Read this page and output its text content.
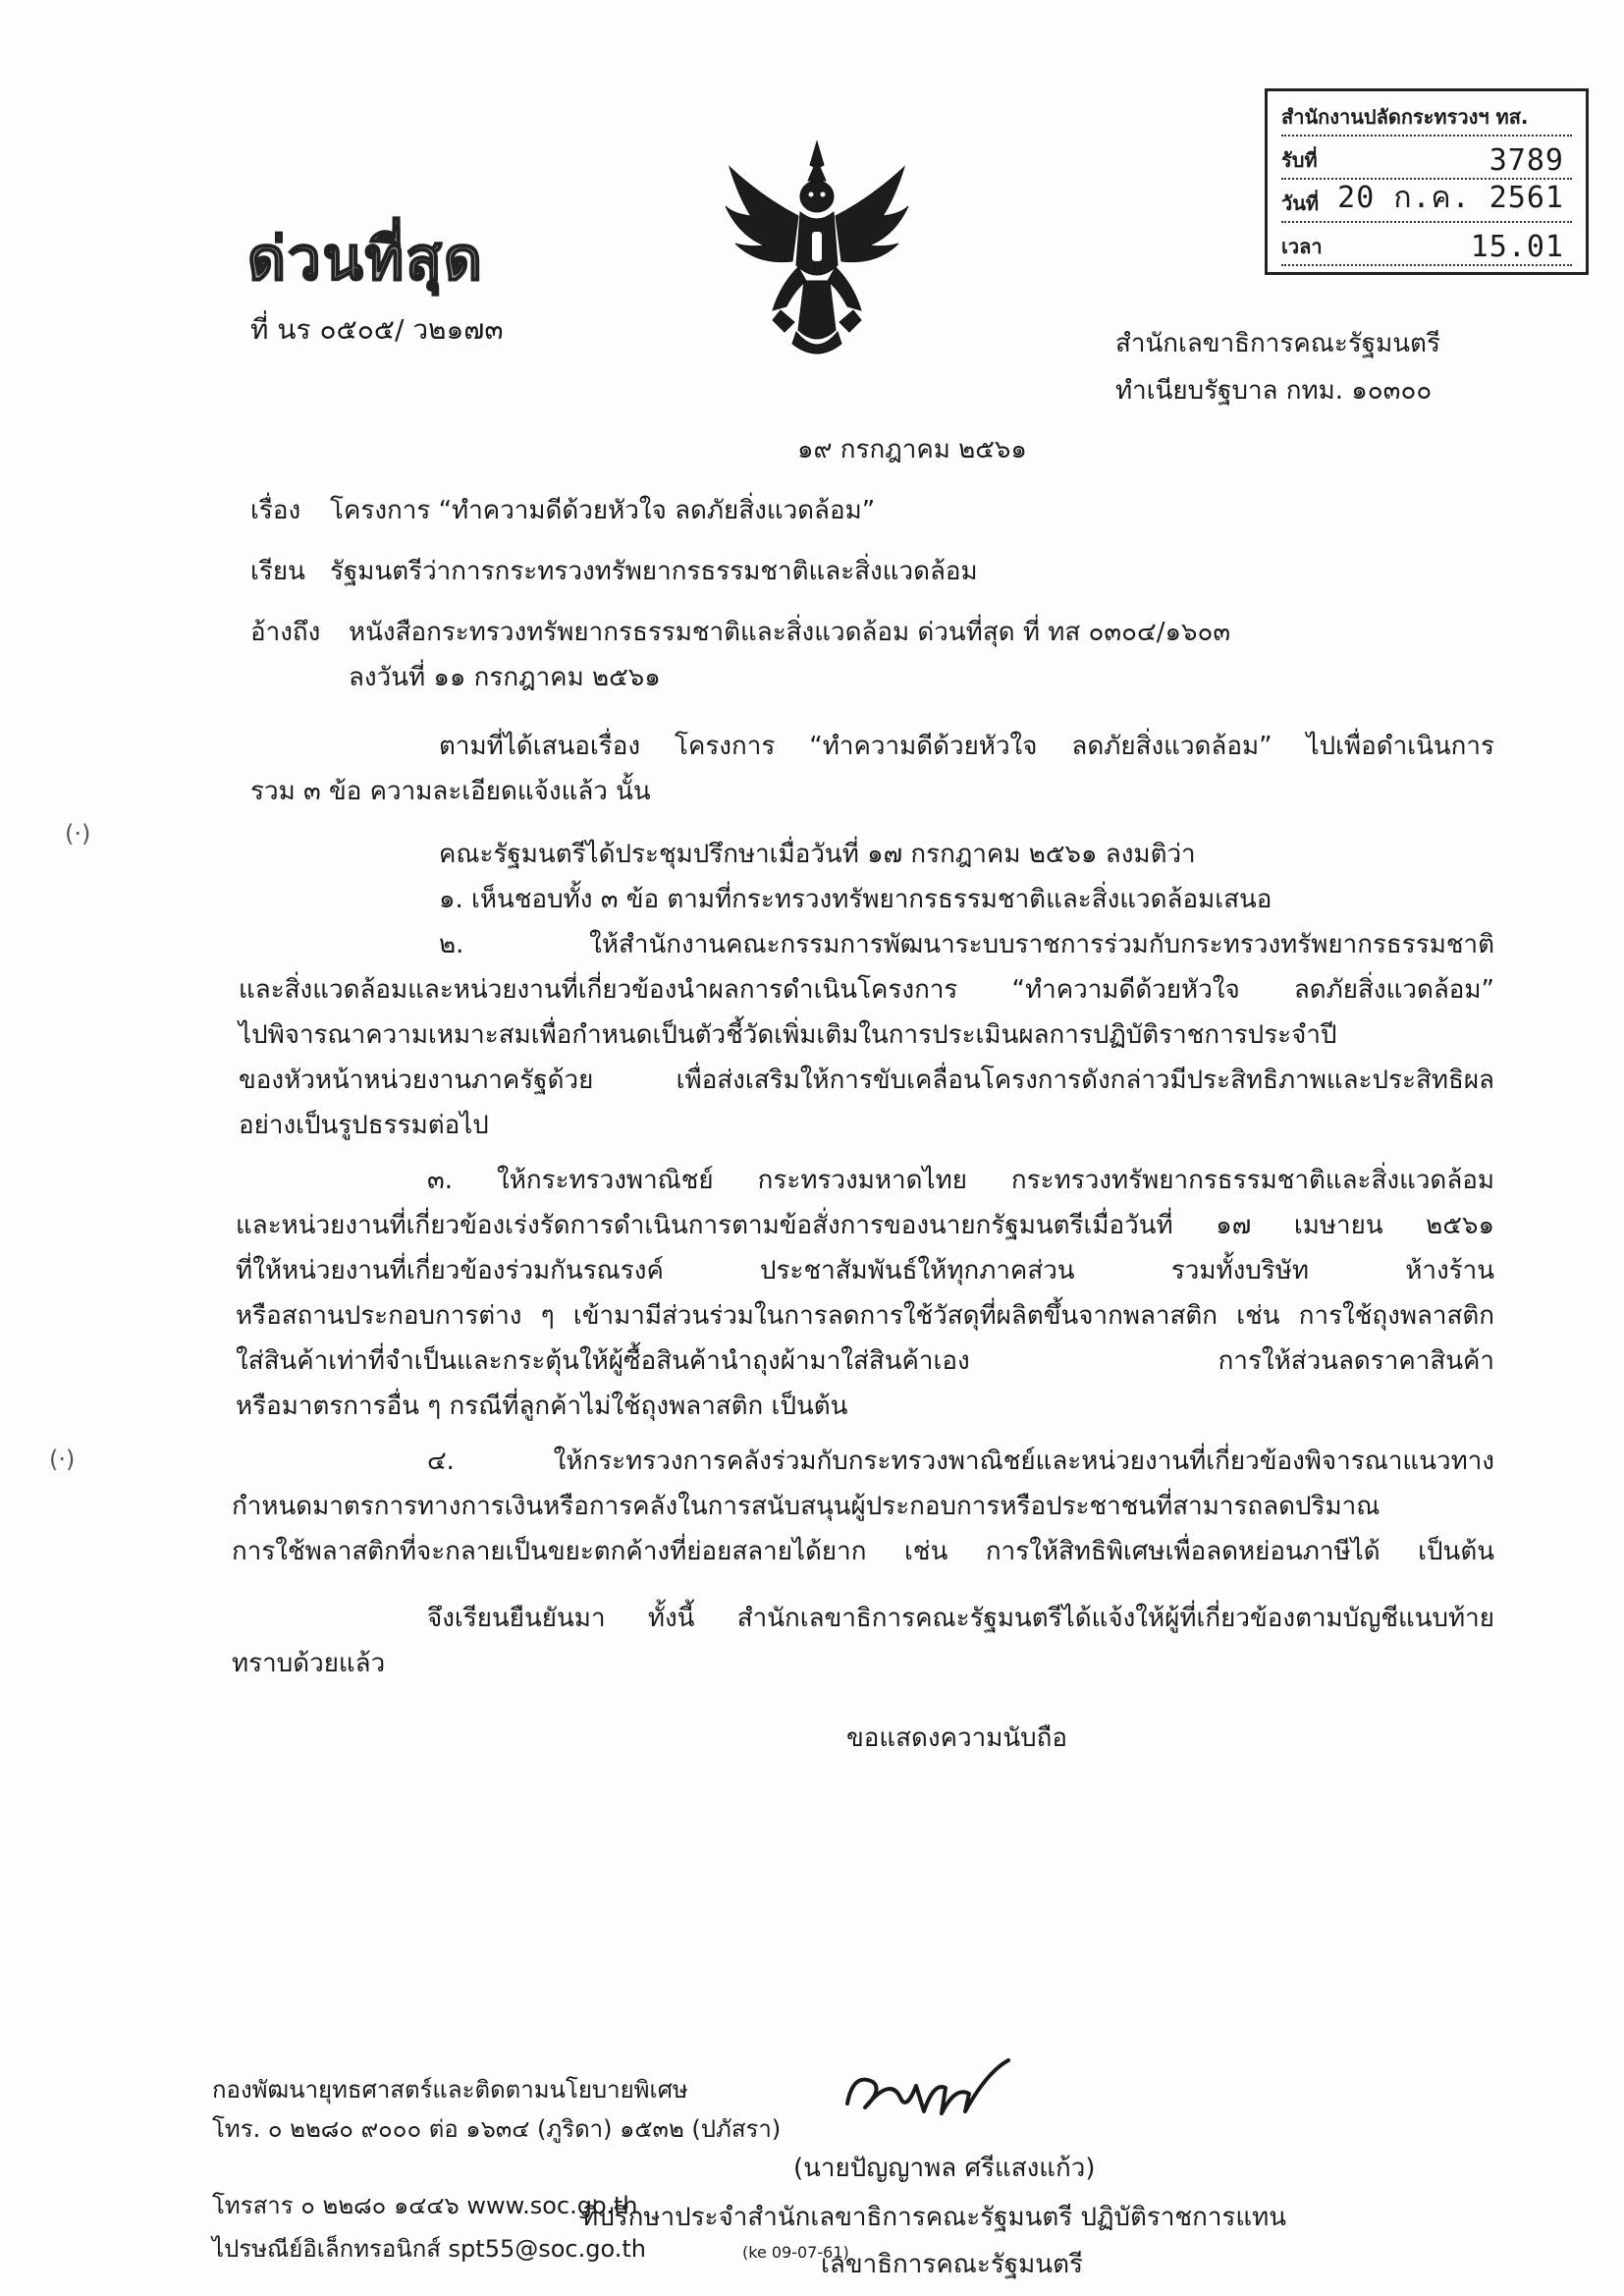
สำนักงานปลัดกระทรวงฯ ทส.
รับที่	3789
วันที่ 20 ก.ค. 2561
เวลา	15.01
ด่วนที่สุด
ที่ นร ๐๕๐๕/ ว๒๑๗๓	สำนักเลขาธิการคณะรัฐมนตรี
ทำเนียบรัฐบาล กทม. ๑๐๓๐๐
๑๙ กรกฎาคม ๒๕๖๑
เรื่อง โครงการ “ทำความดีด้วยหัวใจ ลดภัยสิ่งแวดล้อม”
เรียน รัฐมนตรีว่าการกระทรวงทรัพยากรธรรมชาติและสิ่งแวดล้อม
อ้างถึง หนังสือกระทรวงทรัพยากรธรรมชาติและสิ่งแวดล้อม ด่วนที่สุด ที่ ทส ๐๓๐๔/๑๖๐๓
ลงวันที่ ๑๑ กรกฎาคม ๒๕๖๑
ตามที่ได้เสนอเรื่อง โครงการ “ทำความดีด้วยหัวใจ ลดภัยสิ่งแวดล้อม” ไปเพื่อดำเนินการ
รวม ๓ ข้อ ความละเอียดแจ้งแล้ว นั้น
คณะรัฐมนตรีได้ประชุมปรึกษาเมื่อวันที่ ๑๗ กรกฎาคม ๒๕๖๑ ลงมติว่า
๑. เห็นชอบทั้ง ๓ ข้อ ตามที่กระทรวงทรัพยากรธรรมชาติและสิ่งแวดล้อมเสนอ
๒. ให้สำนักงานคณะกรรมการพัฒนาระบบราชการร่วมกับกระทรวงทรัพยากรธรรมชาติ
และสิ่งแวดล้อมและหน่วยงานที่เกี่ยวข้องนำผลการดำเนินโครงการ “ทำความดีด้วยหัวใจ ลดภัยสิ่งแวดล้อม”
ไปพิจารณาความเหมาะสมเพื่อกำหนดเป็นตัวชี้วัดเพิ่มเติมในการประเมินผลการปฏิบัติราชการประจำปี
ของหัวหน้าหน่วยงานภาครัฐด้วย เพื่อส่งเสริมให้การขับเคลื่อนโครงการดังกล่าวมีประสิทธิภาพและประสิทธิผล
อย่างเป็นรูปธรรมต่อไป
๓. ให้กระทรวงพาณิชย์ กระทรวงมหาดไทย กระทรวงทรัพยากรธรรมชาติและสิ่งแวดล้อม
และหน่วยงานที่เกี่ยวข้องเร่งรัดการดำเนินการตามข้อสั่งการของนายกรัฐมนตรีเมื่อวันที่ ๑๗ เมษายน ๒๕๖๑
ที่ให้หน่วยงานที่เกี่ยวข้องร่วมกันรณรงค์ ประชาสัมพันธ์ให้ทุกภาคส่วน รวมทั้งบริษัท ห้างร้าน
หรือสถานประกอบการต่าง ๆ เข้ามามีส่วนร่วมในการลดการใช้วัสดุที่ผลิตขึ้นจากพลาสติก เช่น การใช้ถุงพลาสติก
ใส่สินค้าเท่าที่จำเป็นและกระตุ้นให้ผู้ซื้อสินค้านำถุงผ้ามาใส่สินค้าเอง การให้ส่วนลดราคาสินค้า
หรือมาตรการอื่น ๆ กรณีที่ลูกค้าไม่ใช้ถุงพลาสติก เป็นต้น
๔. ให้กระทรวงการคลังร่วมกับกระทรวงพาณิชย์และหน่วยงานที่เกี่ยวข้องพิจารณาแนวทาง
กำหนดมาตรการทางการเงินหรือการคลังในการสนับสนุนผู้ประกอบการหรือประชาชนที่สามารถลดปริมาณ
การใช้พลาสติกที่จะกลายเป็นขยะตกค้างที่ย่อยสลายได้ยาก เช่น การให้สิทธิพิเศษเพื่อลดหย่อนภาษีได้ เป็นต้น
จึงเรียนยืนยันมา ทั้งนี้ สำนักเลขาธิการคณะรัฐมนตรีได้แจ้งให้ผู้ที่เกี่ยวข้องตามบัญชีแนบท้าย
ทราบด้วยแล้ว
ขอแสดงความนับถือ
(นายปัญญาพล ศรีแสงแก้ว)
ที่ปรึกษาประจำสำนักเลขาธิการคณะรัฐมนตรี ปฏิบัติราชการแทน
เลขาธิการคณะรัฐมนตรี
กองพัฒนายุทธศาสตร์และติดตามนโยบายพิเศษ
โทร. ๐ ๒๒๘๐ ๙๐๐๐ ต่อ ๑๖๓๔ (ภูริดา) ๑๕๓๒ (ปภัสรา)
โทรสาร ๐ ๒๒๘๐ ๑๔๔๖ www.soc.go.th
ไปรษณีย์อิเล็กทรอนิกส์ spt55@soc.go.th	(ke 09-07-61)
(·)
(·)
